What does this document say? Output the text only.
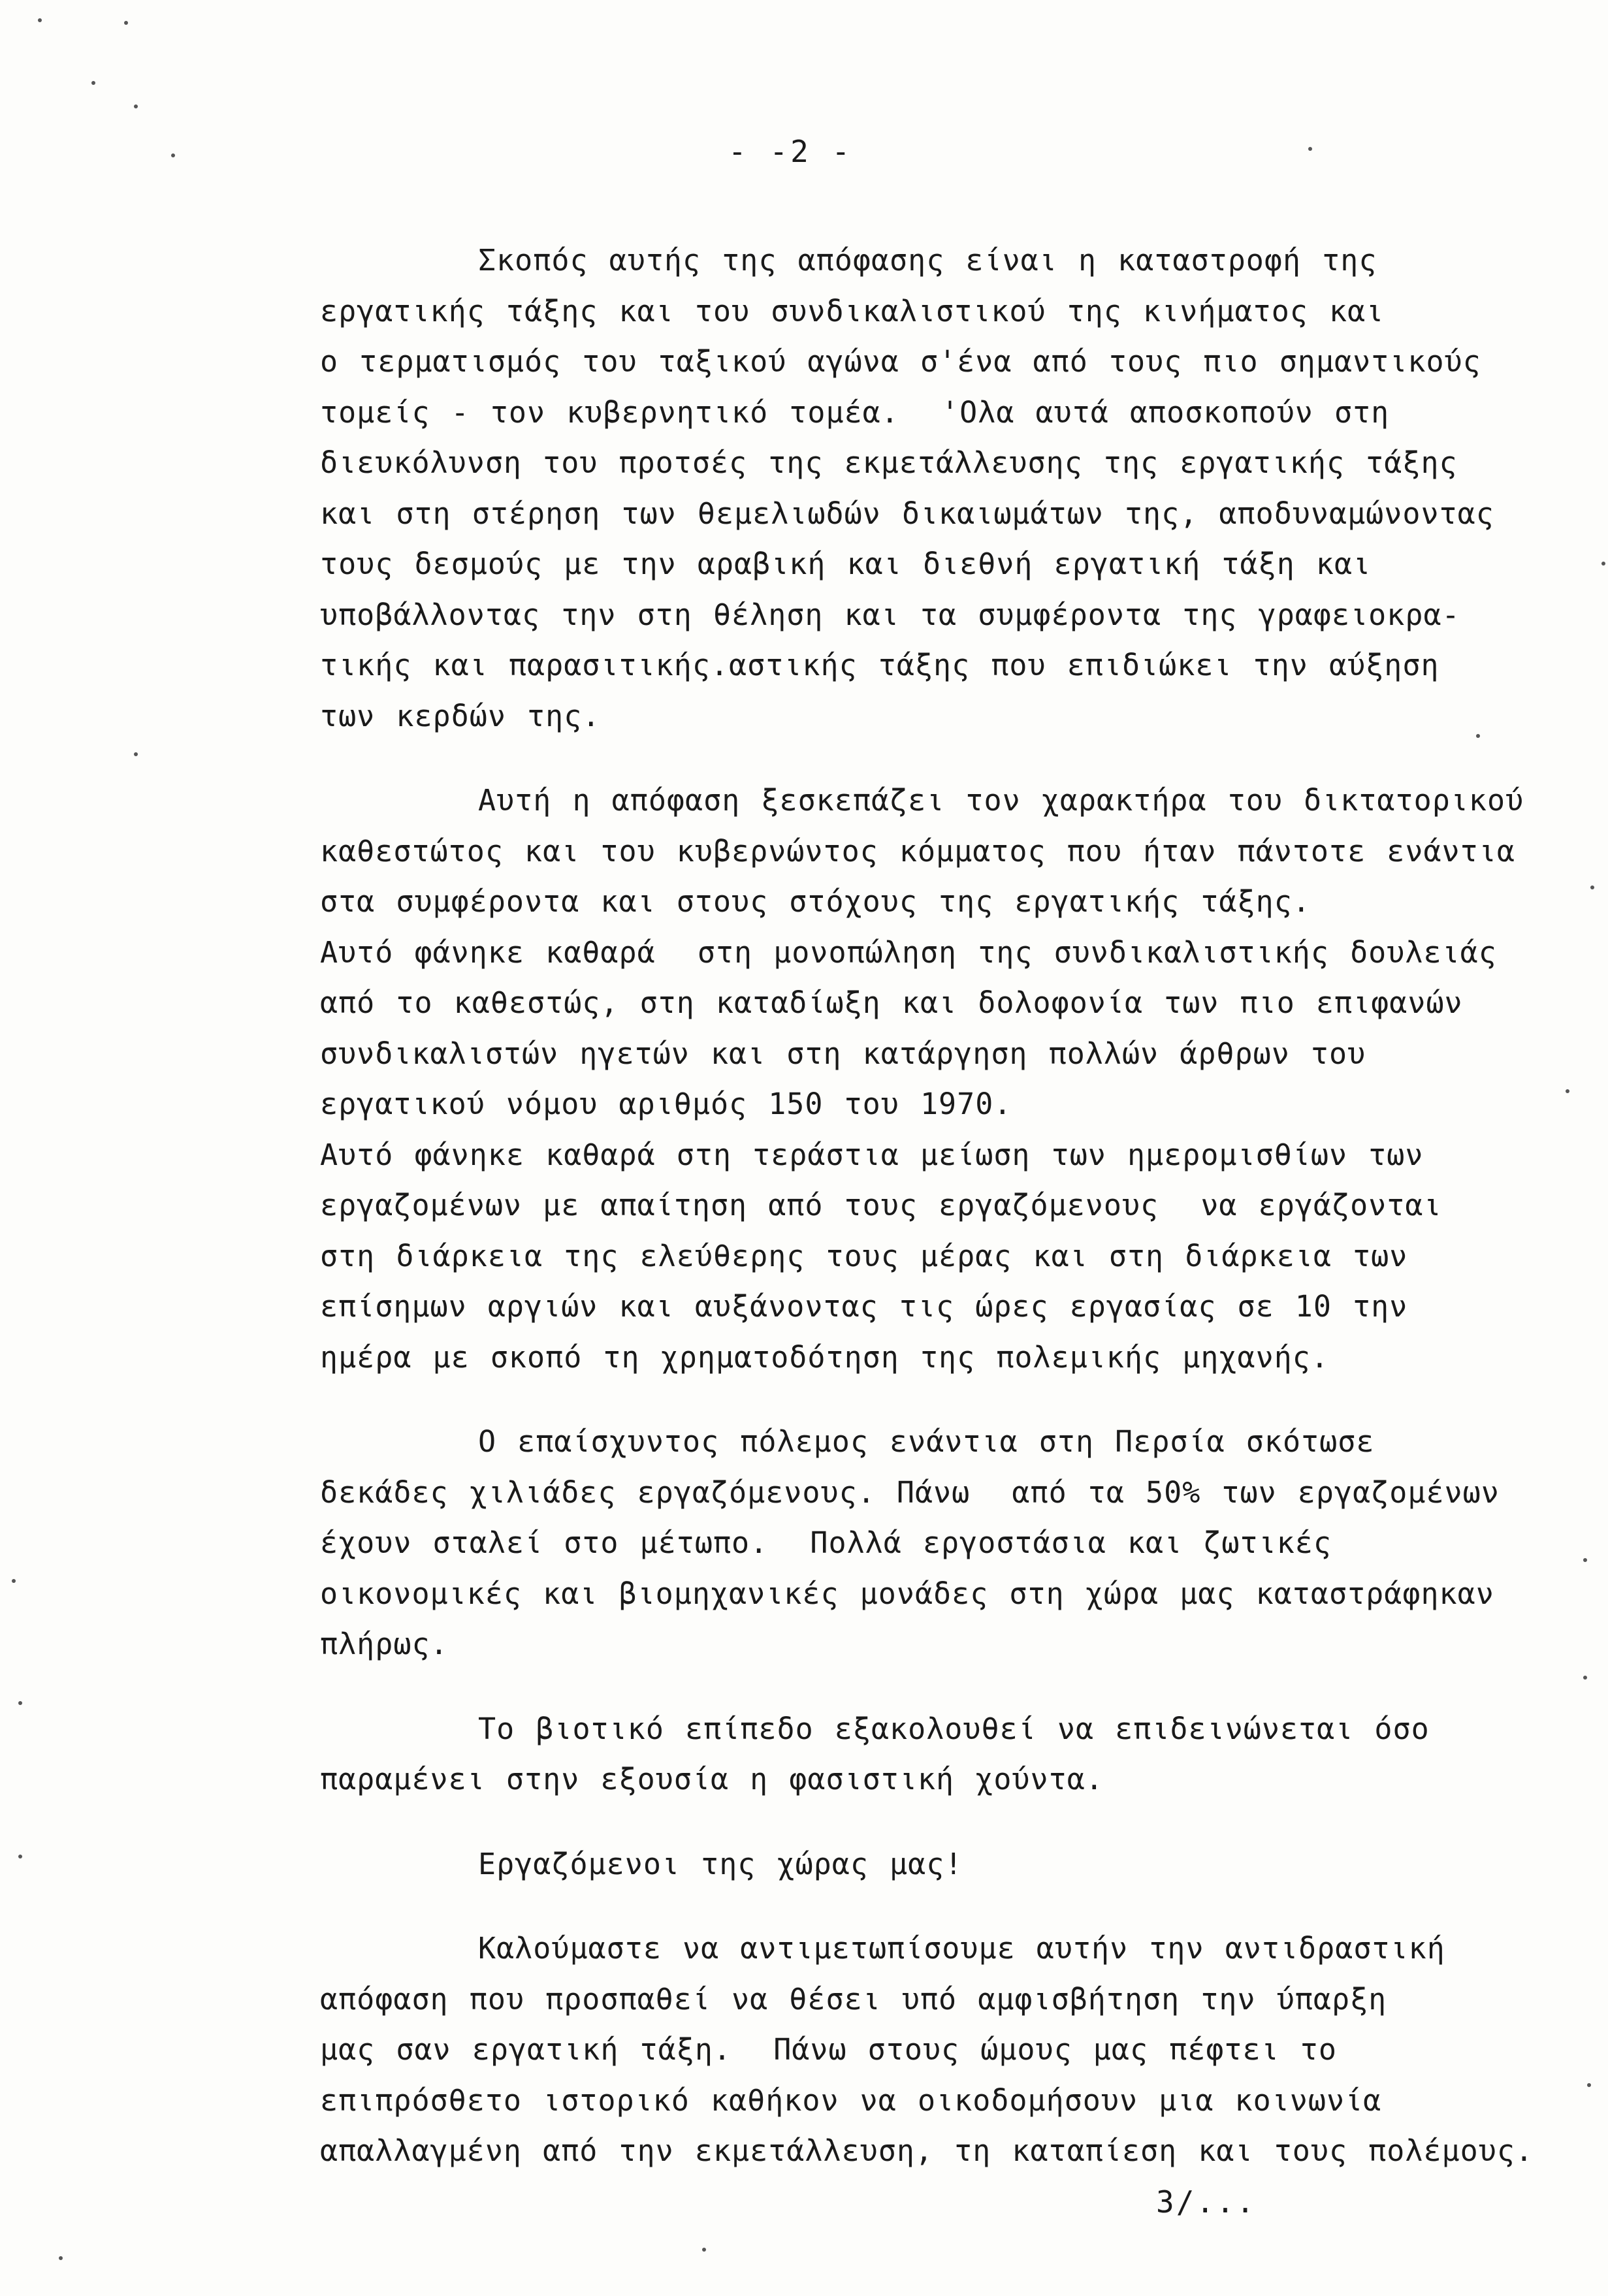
- -2 -
Σκοπός αυτής της απόφασης είναι η καταστροφή της
εργατικής τάξης και του συνδικαλιστικού της κινήματος και
ο τερματισμός του ταξικού αγώνα σ'ένα από τους πιο σημαντικούς
τομείς - τον κυβερνητικό τομέα.  'Ολα αυτά αποσκοπούν στη
διευκόλυνση του προτσές της εκμετάλλευσης της εργατικής τάξης
και στη στέρηση των θεμελιωδών δικαιωμάτων της, αποδυναμώνοντας
τους δεσμούς με την αραβική και διεθνή εργατική τάξη και
υποβάλλοντας την στη θέληση και τα συμφέροντα της γραφειοκρα-
τικής και παρασιτικής.αστικής τάξης που επιδιώκει την αύξηση
των κερδών της.
Αυτή η απόφαση ξεσκεπάζει τον χαρακτήρα του δικτατορικού
καθεστώτος και του κυβερνώντος κόμματος που ήταν πάντοτε ενάντια
στα συμφέροντα και στους στόχους της εργατικής τάξης.
Αυτό φάνηκε καθαρά  στη μονοπώληση της συνδικαλιστικής δουλειάς
από το καθεστώς, στη καταδίωξη και δολοφονία των πιο επιφανών
συνδικαλιστών ηγετών και στη κατάργηση πολλών άρθρων του
εργατικού νόμου αριθμός 150 του 1970.
Αυτό φάνηκε καθαρά στη τεράστια μείωση των ημερομισθίων των
εργαζομένων με απαίτηση από τους εργαζόμενους  να εργάζονται
στη διάρκεια της ελεύθερης τους μέρας και στη διάρκεια των
επίσημων αργιών και αυξάνοντας τις ώρες εργασίας σε 10 την
ημέρα με σκοπό τη χρηματοδότηση της πολεμικής μηχανής.
Ο επαίσχυντος πόλεμος ενάντια στη Περσία σκότωσε
δεκάδες χιλιάδες εργαζόμενους. Πάνω  από τα 50% των εργαζομένων
έχουν σταλεί στο μέτωπο.  Πολλά εργοστάσια και ζωτικές
οικονομικές και βιομηχανικές μονάδες στη χώρα μας καταστράφηκαν
πλήρως.
Το βιοτικό επίπεδο εξακολουθεί να επιδεινώνεται όσο
παραμένει στην εξουσία η φασιστική χούντα.
Εργαζόμενοι της χώρας μας!
Καλούμαστε να αντιμετωπίσουμε αυτήν την αντιδραστική
απόφαση που προσπαθεί να θέσει υπό αμφισβήτηση την ύπαρξη
μας σαν εργατική τάξη.  Πάνω στους ώμους μας πέφτει το
επιπρόσθετο ιστορικό καθήκον να οικοδομήσουν μια κοινωνία
απαλλαγμένη από την εκμετάλλευση, τη καταπίεση και τους πολέμους.
3/...
